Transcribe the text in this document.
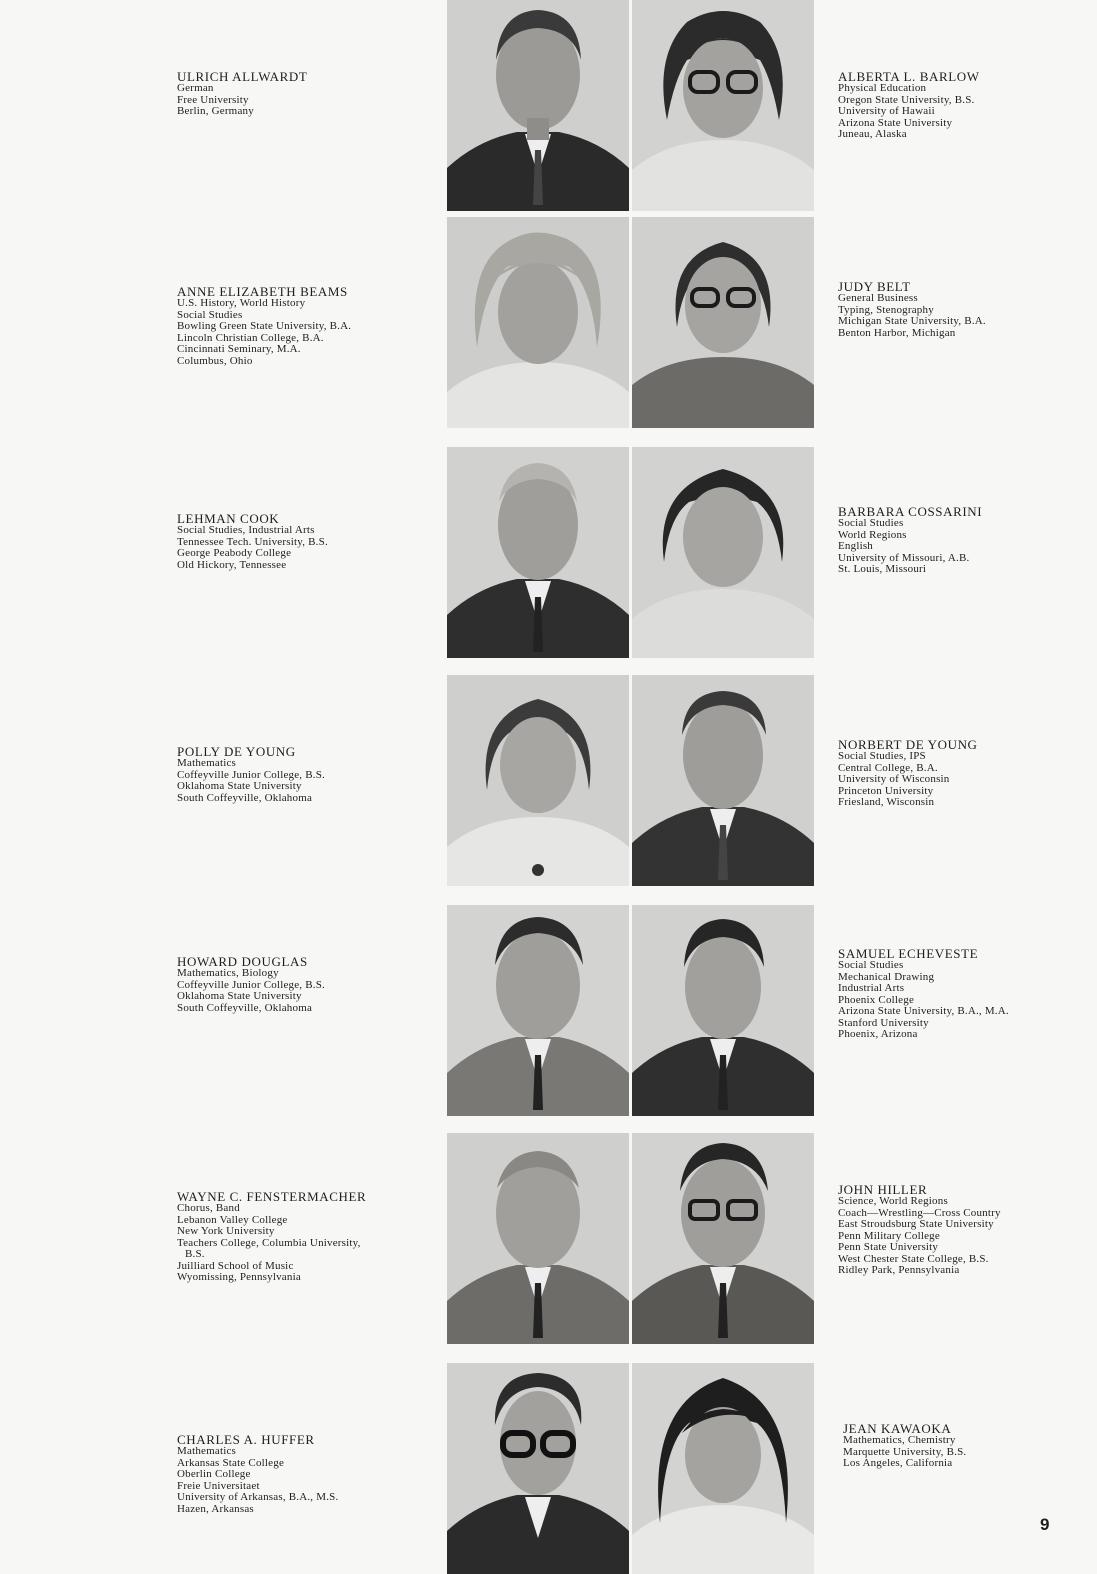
ULRICH ALLWARDT
German
Free University
Berlin, Germany
ALBERTA L. BARLOW
Physical Education
Oregon State University, B.S.
University of Hawaii
Arizona State University
Juneau, Alaska
ANNE ELIZABETH BEAMS
U.S. History, World History
Social Studies
Bowling Green State University, B.A.
Lincoln Christian College, B.A.
Cincinnati Seminary, M.A.
Columbus, Ohio
JUDY BELT
General Business
Typing, Stenography
Michigan State University, B.A.
Benton Harbor, Michigan
LEHMAN COOK
Social Studies, Industrial Arts
Tennessee Tech. University, B.S.
George Peabody College
Old Hickory, Tennessee
BARBARA COSSARINI
Social Studies
World Regions
English
University of Missouri, A.B.
St. Louis, Missouri
POLLY DE YOUNG
Mathematics
Coffeyville Junior College, B.S.
Oklahoma State University
South Coffeyville, Oklahoma
NORBERT DE YOUNG
Social Studies, IPS
Central College, B.A.
University of Wisconsin
Princeton University
Friesland, Wisconsin
HOWARD DOUGLAS
Mathematics, Biology
Coffeyville Junior College, B.S.
Oklahoma State University
South Coffeyville, Oklahoma
SAMUEL ECHEVESTE
Social Studies
Mechanical Drawing
Industrial Arts
Phoenix College
Arizona State University, B.A., M.A.
Stanford University
Phoenix, Arizona
WAYNE C. FENSTERMACHER
Chorus, Band
Lebanon Valley College
New York University
Teachers College, Columbia University,
B.S.
Juilliard School of Music
Wyomissing, Pennsylvania
JOHN HILLER
Science, World Regions
Coach—Wrestling—Cross Country
East Stroudsburg State University
Penn Military College
Penn State University
West Chester State College, B.S.
Ridley Park, Pennsylvania
CHARLES A. HUFFER
Mathematics
Arkansas State College
Oberlin College
Freie Universitaet
University of Arkansas, B.A., M.S.
Hazen, Arkansas
JEAN KAWAOKA
Mathematics, Chemistry
Marquette University, B.S.
Los Angeles, California
9
